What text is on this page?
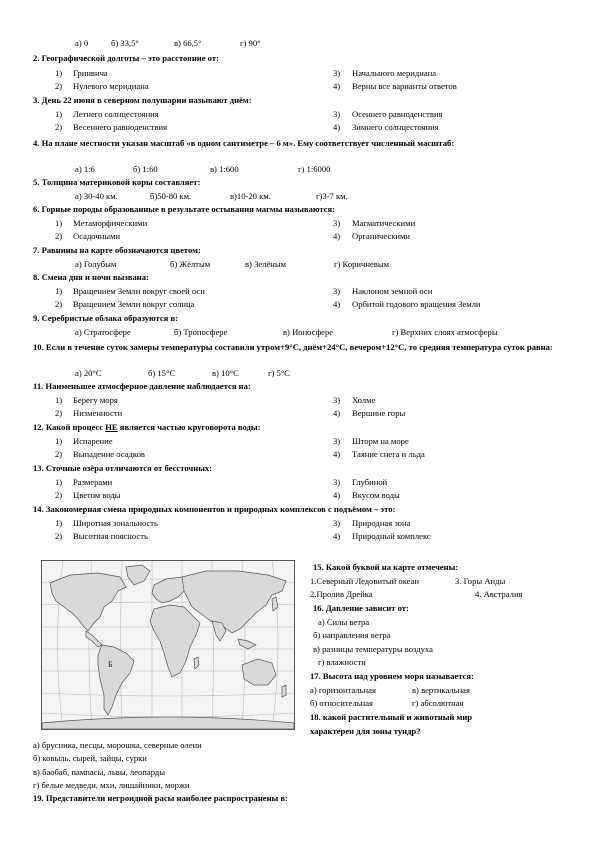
а) 0	б) 33,5°	в) 66,5°	г) 90°
2. Географической долготы – это расстояние от:
1) Гринвича
2) Нулевого меридиана
3) Начального меридиана
4) Верны все варианты ответов
3. День 22 июня в северном полушарии называют днём:
1) Летнего солнцестояния
2) Весеннего равноденствия
3) Осеннего равноденствия
4) Зимнего солнцестояния
4. На плане местности указан масштаб «в одном сантиметре – 6 м». Ему соответствует численный масштаб:
а) 1:6	б) 1:60	в) 1:600	г) 1:6000
5. Толщина материковой коры составляет:
а) 30-40 км.	б)50-80 км.	в)10-20 км.	г)3-7 км.
6. Горные породы образованные в результате остывания магмы называются:
1) Метаморфическими
2) Осадочными
3) Магматическими
4) Органическими
7. Равнины на карте обозначаются цветом:
а) Голубым	б) Жёлтым	в) Зелёным	г) Коричневым
8. Смена дня и ночи вызвана:
1) Вращением Земли вокруг своей оси
2) Вращением Земли вокруг солнца
3) Наклоном земной оси
4) Орбитой годового вращения Земли
9. Серебристые облака образуются в:
а) Стратосфере	б) Тропосфере	в) Ионосфере	г) Верхних слоях атмосферы
10. Если в течение суток замеры температуры составили утром+9°С, днём+24°С, вечером+12°С, то средняя температура суток равна:
а) 20°С	б) 15°С	в) 10°С	г) 5°С
11. Наименьшее атмосферное давление наблюдается на:
1) Берегу моря
2) Низменности
3) Холме
4) Вершине горы
12. Какой процесс НЕ является частью круговорота воды:
1) Испарение
2) Выпадение осадков
3) Шторм на море
4) Таяние снега и льда
13. Сточные озёра отличаются от бессточных:
1) Размерами
2) Цветом воды
3) Глубиной
4) Вкусом воды
14. Закономерная смена природных компонентов и природных комплексов с подъёмом – это:
1) Широтная зональность
2) Высотная поясность
3) Природная зона
4) Природный комплекс
Б
15. Какой буквой на карте отмечены:
1.Северный Ледовитый океан	3. Горы Анды
2.Пролив Дрейка	4. Австралия
16. Давление зависит от:
а) Силы ветра
б) направления ветра
в) разницы температуры воздуха
г) влажности
17. Высота над уровнем моря называется:
а) горизонтальная	в) вертикальная
б) относительная	г) абсолютная
18. какой растительный и животный мир
характерен для зоны тундр?
а) брусника, песцы, морошка, северные олени
б) ковыль, сырей, зайцы, сурки
в) баобаб, пампасы, львы, леопарды
г) белые медведи, мхи, лишайники, моржи
19. Представители негроидной расы наиболее распространены в:
